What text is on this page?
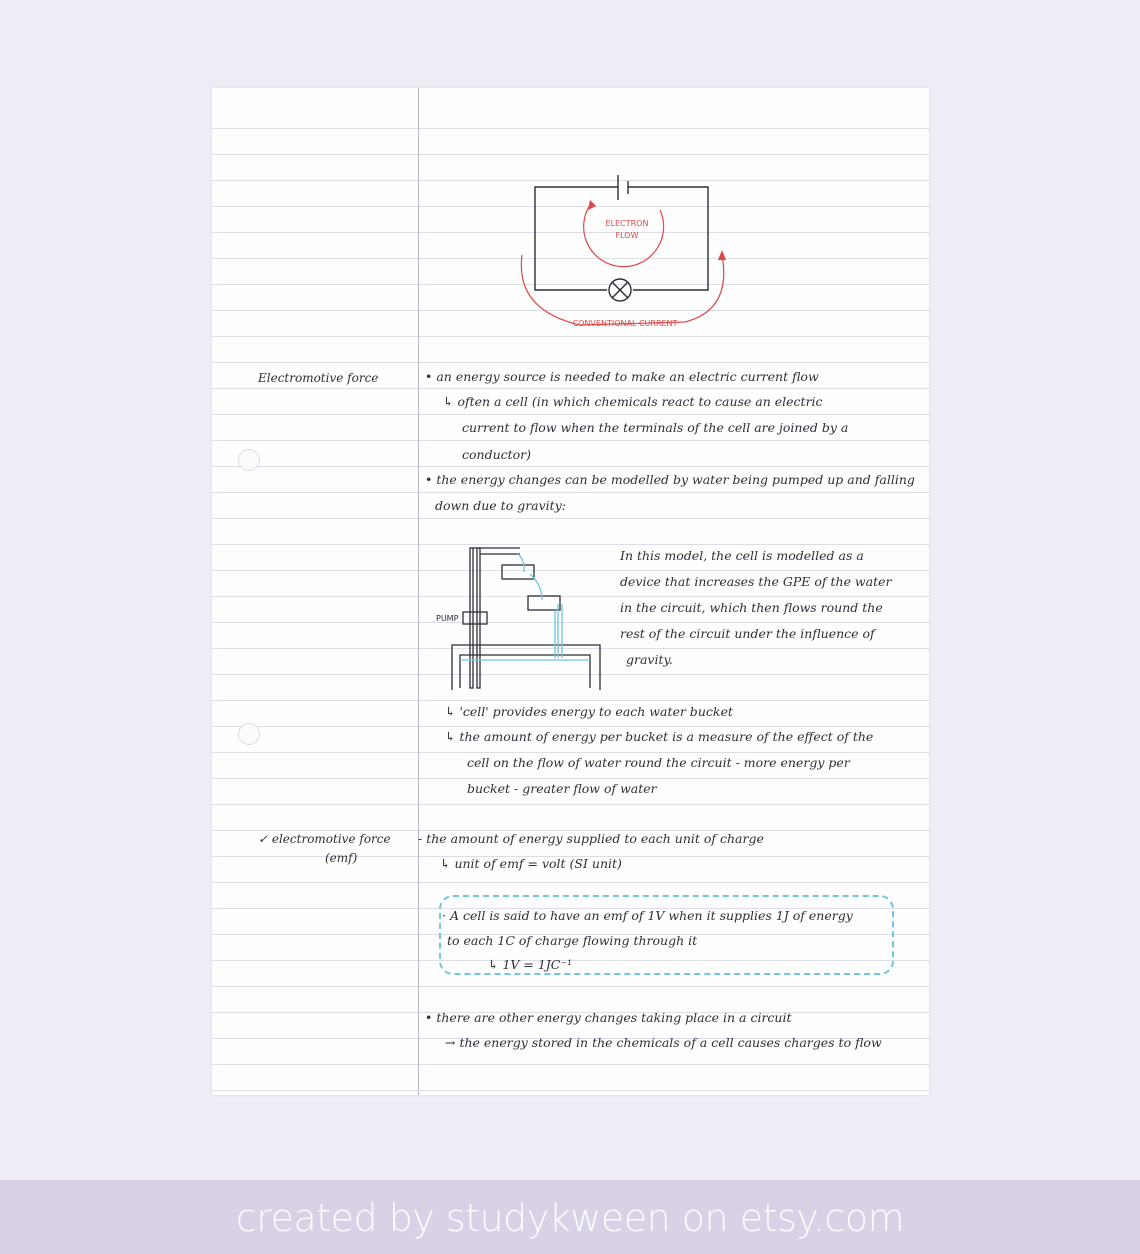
ELECTRON
FLOW
CONVENTIONAL CURRENT
PUMP
Electromotive force
✓ electromotive force
(emf)
• an energy source is needed to make an electric current flow
↳ often a cell (in which chemicals react to cause an electric
current to flow when the terminals of the cell are joined by a
conductor)
• the energy changes can be modelled by water being pumped up and falling
down due to gravity:
In this model, the cell is modelled as a
device that increases the GPE of the water
in the circuit, which then flows round the
rest of the circuit under the influence of
gravity.
↳ 'cell' provides energy to each water bucket
↳ the amount of energy per bucket is a measure of the effect of the
cell on the flow of water round the circuit - more energy per
bucket - greater flow of water
- the amount of energy supplied to each unit of charge
↳ unit of emf = volt (SI unit)
· A cell is said to have an emf of 1V when it supplies 1J of energy
to each 1C of charge flowing through it
↳ 1V = 1JC⁻¹
• there are other energy changes taking place in a circuit
→ the energy stored in the chemicals of a cell causes charges to flow
created by studykween on etsy.com
